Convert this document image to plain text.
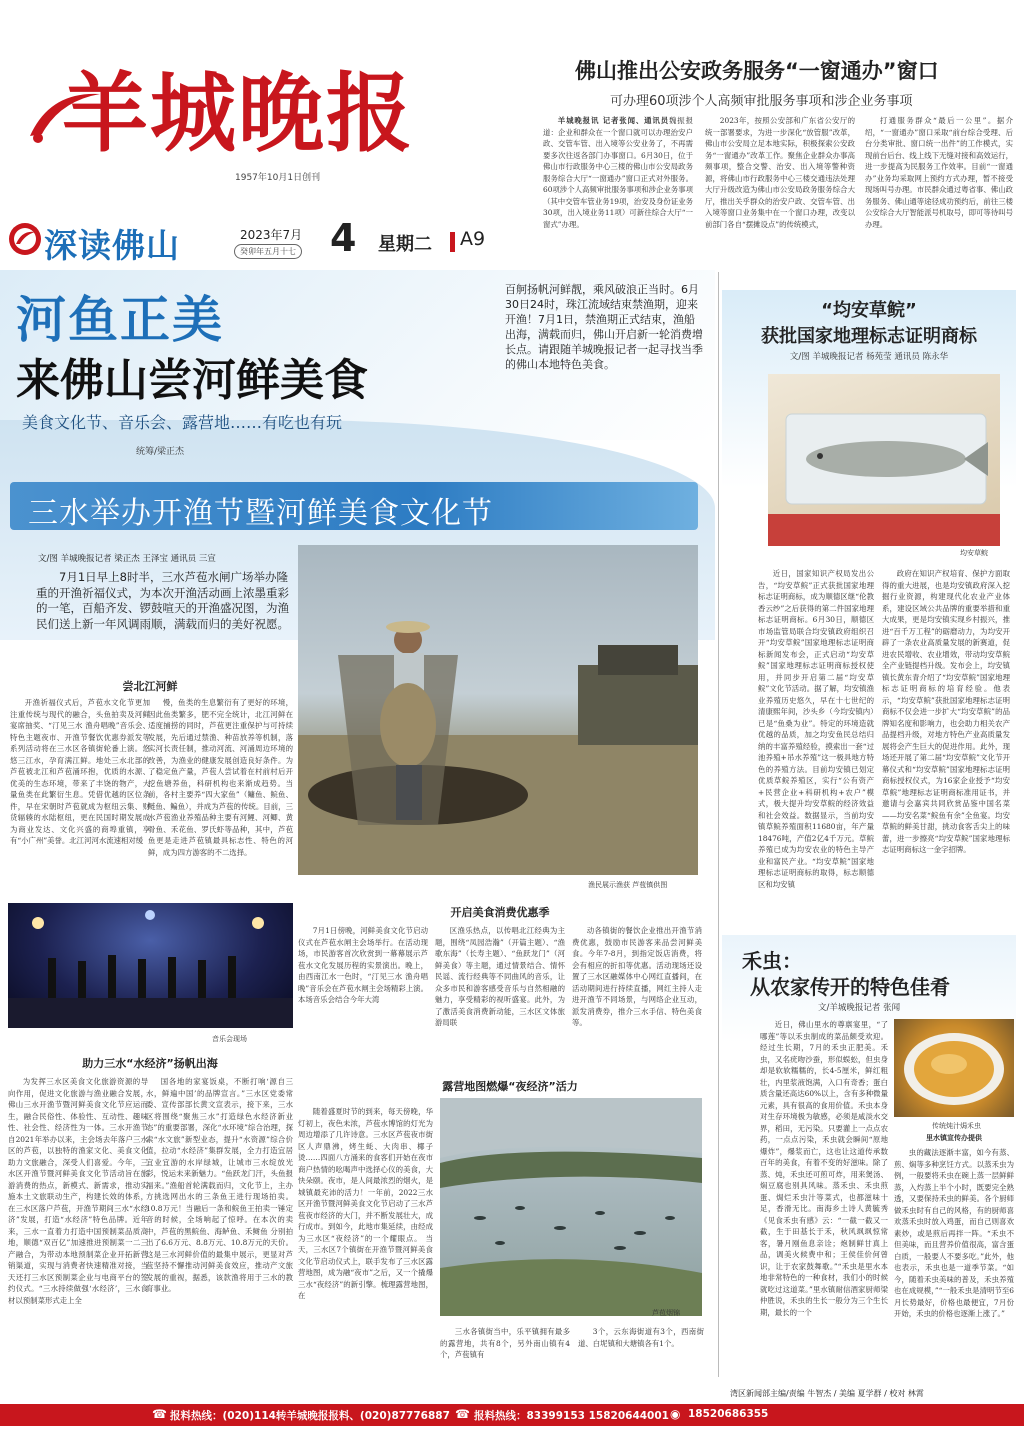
羊城晚报
1957年10月1日创刊
深读佛山	2023年7月
癸卯年五月十七 4 星期二 A9
佛山推出公安政务服务“一窗通办”窗口
可办理60项涉个人高频审批服务事项和涉企业务事项

羊城晚报讯 记者张闻、通讯员魏振报道：企业和群众在一个窗口就可以办理治安户政、交管车管、出入境等公安业务了，不再需要多次往返各部门办事窗口。6月30日，位于佛山市行政服务中心三楼的佛山市公安局政务服务综合大厅“一窗通办”窗口正式对外服务。60项涉个人高频审批服务事项和涉企业务事项（其中交管车管业务19项，治安及身份证业务30项，出入境业务11项）可新往综合大厅“一窗式”办理。

2023年，按照公安部和广东省公安厅的统一部署要求，为进一步深化“放管服”改革，佛山市公安局立足本地实际，积极探索公安政务“一窗通办”改革工作。聚焦企业群众办事高频事项，整合交警、治安、出入境等警种资源，将佛山市行政服务中心三楼交通违法处理大厅升级改造为佛山市公安局政务服务综合大厅，推出关乎群众的治安户政、交管车管、出入境等窗口业务集中在一个窗口办理，改变以前部门各自“摆摊设点”的传统模式，

打通服务群众“最后一公里”。据介绍，“一窗通办”窗口采取“前台综合受理、后台分类审批、窗口统一出件”的工作模式，实现前台后台、线上线下无缝对接和高效运行，进一步提高为民服务工作效率。目前“一窗通办”业务均采取网上预约方式办理，暂不接受现场叫号办理。市民群众通过粤省事、佛山政务服务、佛山通等途径成功预约后，前往三楼公安综合大厅智能派号机取号，即可等待叫号办理。

河鱼正美
来佛山尝河鲜美食
美食文化节、音乐会、露营地……有吃也有玩
统筹/梁正杰
百舸扬帆河鲜靓，乘风破浪正当时。6月30日24时，珠江流域结束禁渔期，迎来开渔！7月1日，禁渔期正式结束，渔船出海，满载而归，佛山开启新一轮消费增长点。请跟随羊城晚报记者一起寻找当季的佛山本地特色美食。
三水举办开渔节暨河鲜美食文化节
文/图 羊城晚报记者 梁正杰 王泽宝 通讯员 三宣
7月1日早上8时半，三水芦苞水闸广场举办隆重的开渔祈福仪式，为本次开渔活动画上浓墨重彩的一笔，百船齐发、锣鼓喧天的开渔盛况图，为渔民们送上新一年风调雨顺，满载而归的美好祝愿。
渔民展示渔获 芦苞镇供图
尝北江河鲜

开渔祈福仪式后，芦苞水文化节更加注重传统与现代的融合，头鱼拍卖及河鲜宴席抽奖、“汀见三水 渔舟唱晚”音乐会、特色主题夜市、开渔节餐饮优惠券派发等系列活动将在三水区各镇街轮番上演。悠悠三江水，孕育满江鲜。地处三水北部的芦苞被北江和芦苞涌环抱，优质的水源、优美的生态环境，带来了丰饶的物产，大量鱼类在此繁衍生息。凭借优越的区位条件，早在宋朝时芦苞就成为枢纽云集、财货辐辏的水陆枢纽，更在民国时期发展成为商业发达、文化兴盛的商埠重镇，享有“小广州”美誉。北江河河水流速相对缓

慢，鱼类的生息繁衍有了更好的环境，因此鱼类繁多，肥不完全统计，北江河鲜在适度捕捞的同时，芦苞更注重保护与可持续发展，先后通过禁渔、种苗放养等机制，落实河长责任制，推动河流、河涌周边环境的改善，为渔业的健康发展创造良好条件。为了稳定鱼产量，芦苞人尝试着在村前村后开挖鱼塘养鱼，科研机构也来渐成趋势。当前，各村主要养“四大家鱼”（鳙鱼、鲩鱼、鲢鱼、鳊鱼），并成为芦苞的传统。目前，三水芦苞渔业养殖品种主要有河鲤、河鲫、黄骨鱼、禾花鱼、罗氏虾等品种，其中，芦苞鱼更是走进芦苞镇最具标志性、特色的河鲜，成为四方游客的不二选择。

音乐会现场
开启美食消费优惠季

7月1日傍晚，河鲜美食文化节启动仪式在芦苞水闸主会场举行。在活动现场，市民游客首次欣赏到一幕幕展示芦苞水文化发展历程的实景演出。晚上，由西南江水一色时，“汀见三水 渔舟唱晚”音乐会在芦苞水闸主会场精彩上演。本场音乐会结合今年大湾

区渔乐热点，以传唱北江经典为主题，围绕“凤园浩瀚”（开篇主题）、“渔歌东海”（长寿主题）、“鱼跃龙门”（河鲜美食）等主题，通过情景结合、情怀民谣、流行经典等不同曲风的音乐，让众多市民和游客感受音乐与自然相融的魅力，享受精彩的视听盛宴。此外，为了激活美食消费新动能，三水区文体旅游局联

动各镇街的餐饮企业推出开渔节消费优惠，鼓励市民游客来品尝河鲜美食。今年7-8月，到指定饭店消费，将会有相应的折扣等优惠。活动现场还设置了三水区融媒体中心网红直播间，在活动期间进行持续直播，网红主持人走进开渔节不同场景，与网络企业互动，派发消费券，推介三水手信、特色美食等。

助力三水“水经济”扬帆出海

为发挥三水区美食文化旅游资源的导向作用，促进文化旅游与渔业融合发展，佛山三水开渔节暨河鲜美食文化节应运而生，融合民俗性、体验性、互动性、趣味性、社会性、经济性为一体。三水开渔节自2021年举办以来，主会场去年落户三水区的芦苞，以独特的渔家文化、美食文化助力文旅融合，深受人们喜爱。今年，三水区开渔节暨河鲜美食文化节活动旨在旅游消费的热点，新模式、新需求，推动实施本土文旅联动生产，构建长效的体系，在三水区落户芦苞，开渔节期间三水“水经济”发展，打造“水经济”特色品牌。近年来，三水一直着力打造中国预制菜品质高地，顺德“双百亿”加速推进预制菜一二三产融合，为带动本地预制菜企业开拓新营销渠道，实现与消费者快速精准对接，当天还打三水区预制菜企业与电商平台的签约仪式。“三水持续做强‘水经济’，三水食材以预制菜形式走上全

国各地的家宴饭桌，不断打响‘源自三水，鲜遍中国’的品牌宣言。”三水区党委常委、宣传部部长黄文宣表示，接下来，三水区将围绕“聚焦三水”打造绿色水经济新业态”的重要部署，深化“水环境”综合治理，探索“水文旅”新型业态，提升“水资源”综合价值，拉动“水经济”集群发展，全力打造宜居宜业宜游的水岸绿城，让城市三水绽放光彩，悦运未来新魅力。“鱼跃龙门汗，头鱼报福来。”渔船首轮满载而归，文化节上，主办方挑选网出水的三条鱼王进行现场拍卖。10.8万元！当融后一条和鲩鱼王拍卖一锤定音的时候，全场响起了惊呼。在本次的卖中，芦苞的黑鲩鱼、海鲈鱼、禾鲥鱼 分别拍出了6.6万元、8.8万元、10.8万元的天价。这是三水河鲜价值的最集中展示，更显对芦苞坚持不懈推动河鲜美食效应，推动产文旅发展的重视，据悉，该款渔将用于三水的教育事业。

露营地图燃爆“夜经济”活力

随着盛夏时节的到来，每天傍晚，华灯初上，夜色未浓，芦苞水博馆的灯光为周边增添了几许诗意。三水区芦苞夜市街区人声鼎沸，烤生蚝、大肉串、椰子烫……四面八方涌来的食客们开始在夜市商户热情的吆喝声中选择心仪的美食，大快朵颐。夜市，是人间最浓烈的烟火，是城镇最充沛的活力！一年前，2022三水区开渔节暨河鲜美食文化节启动了三水芦苞夜市经济的大门，并不断发展壮大，成行成市。到如今，此地市集延续，由经成为三水区“夜经济”的一个耀眼点。 当天，三水区7个镇街在开渔节暨河鲜美食文化节启动仪式上，联手发布了三水区露营地图，成为融“夜市”之后，又一个撬爆三水“夜经济”的新引擎。梳理露营地图，在

芦苞烟锦

三水各镇街当中，乐平镇拥有最多的露营地，共有8个，另外南山镇有4个，芦苞镇有

3个，云东海街道有3个，西南街道、白坭镇和大塘镇各有1个。

“均安草鲩”
获批国家地理标志证明商标
文/图 羊城晚报记者 杨苑莹 通讯员 陈永华
均安草鲩

近日，国家知识产权局发出公告，“均安草鲩”正式获批国家地理标志证明商标，成为顺德区继“伦教香云纱”之后获得的第二件国家地理标志证明商标。6月30日，顺德区市场监管局联合均安镇政府组织召开“均安草鲩”国家地理标志证明商标新闻发布会，正式启动“均安草鲩”国家地理标志证明商标授权使用，并同步开启第二届“均安草鲩”文化节活动。据了解，均安镇渔业养殖历史悠久，早在十七世纪的清康熙年间，沙头乡（今均安镇内）已是“鱼桑为业”。特定的环境造就优越的品质，加之均安鱼民总结归纳的丰富养殖经验，摸索出一套“过池养殖+吊水养殖”这一极具地方特色的养殖方法。目前均安镇已划定优质草鲩养殖区，实行“公有资产+民营企业+科研机构+农户”模式，极大提升均安草鲩的经济效益和社会效益。数据显示，当前均安镇草鲩养殖面积11680亩，年产量18476吨，产值2亿4千万元。草鲩养殖已成为均安农业的特色主导产业和富民产业。“均安草鲩”国家地理标志证明商标的取得，标志顺德区和均安镇

政府在知识产权培育、保护方面取得的重大进展，也是均安镇政府深入挖掘行业资源，构建现代化农业产业体系，建设区域公共品牌的重要举措和重大成果，更是均安镇实现乡村振兴，推进“百千万工程”的砺磨动力，为均安开辟了一条农业高质量发展的新赛道，促进农民增收、农业增效，带动均安草鲩全产业链提档升级。发布会上，均安镇镇长黄东青介绍了“均安草鲩”国家地理标志证明商标的培育经验。他表示，“均安草鲩”获批国家地理标志证明商标不仅会进一步扩大“均安草鲩”的品牌知名度和影响力，也会助力相关农产品提档升级，对地方特色产业高质量发展将会产生巨大的促进作用。此外，现场还开展了第二届“均安草鲩”文化节开幕仪式和“均安草鲩”国家地理标志证明商标授权仪式，为16家企业授予“均安草鲩”地理标志证明商标准用证书，并邀请与会嘉宾共同欣赏品鉴中国名菜——均安名菜“鲩鱼有余”全鱼宴。均安草鲩的鲜美甘甜，挑动食客舌尖上的味蕾，进一步擦亮“均安草鲩”国家地理标志证明商标这一金字招牌。

禾虫：
从农家传开的特色佳肴
文/羊城晚报记者 张闻

近日，佛山里水的尊禀宴里，“了哪莲”等以禾虫制成的菜品颇受欢迎。经过生长期，7月的禾虫正肥美。禾虫，又名疣吻沙蚕，形似蜈蚣，但虫身却是软软糯糯的，长4-5厘米，鲜红粗壮，内里浆液饱满，入口有奇香；蛋白质含量还高达60%以上，含有多种微量元素，具有很高的食用价值。禾虫本身对生存环境极为敏感，必须是咸淡水交界，稻田，无污染。只要灌上一点点农药，一点点污染，禾虫就会瞬间“原地爆炸”，爆浆而亡，这也让这道传承数百年的美食，有着不变的好滋味。除了蒸、炖，禾虫还可煎可炸，用来煲汤、焖豆腐也别具风味。蒸禾虫、禾虫煎蛋、焗烂禾虫汁等菜式，也都滋味十足，香滑无比。南海乡土诗人黄毓秀《见食禾虫有感》云：“一截一截又一截，生于田基长于禾，秋风飒飒惊常客，暑月刚鱼息亲诠；炮制鲜甘真上品，调美火候费中和；王侯佳价何曾识，让于农家鼓舞歌。”“禾虫是里水本地非常特色的一种食材，我们小的时候就吃过这道菜。”里水镇耐信酒家厨师梁仲胜说，禾虫的生长一般分为三个生长期，最长的一个

传统炖汁焗禾虫
里水镇宣传办提供

虫的藏法逐渐丰富，如今有蒸、煎、焖等多种烹饪方式。以蒸禾虫为例，一般要将禾虫在碗上蒸一层鲜鲜蒸，入灼蒸上半个小时，既要完全熟透，又要保持禾虫的鲜美。各个厨师做禾虫时有自己的风格，有的厨师喜欢蒸禾虫时放入鸡蛋，而自己则喜欢素炒，或是煎后再拌一阵。“禾虫不但美味，而且营养价值很高，富含蛋白质，一般要人不要多吃。”此外，他也表示，禾虫也是一道季节菜。“如今，随着禾虫美味的普及，禾虫养殖也在成规模，”“一般禾虫是清明节至6月长势最好，价格也最便宜，7月份开始，禾虫的价格也逐渐上涨了。”

湾区新闻部主编/责编 牛智杰 / 美编 夏学群 / 校对 林霄
☎ 报料热线：(020)114转羊城晚报报料、(020)87776887 ☎ 报料热线：83399153 15820644001 ◉ 18520686355
